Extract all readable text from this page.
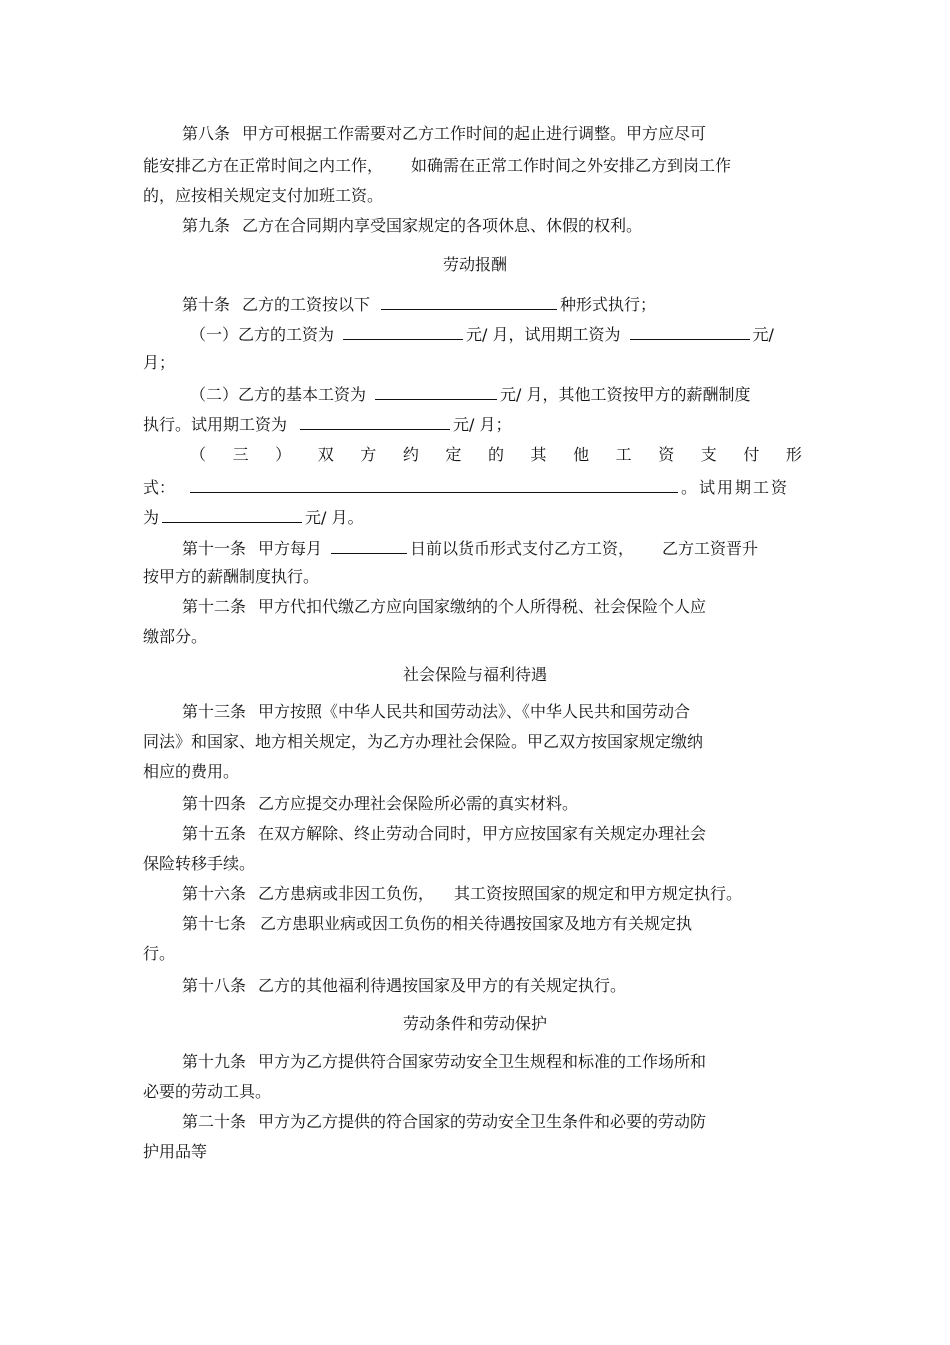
第八条 甲方可根据工作需要对乙方工作时间的起止进行调整。甲方应尽可
能安排乙方在正常时间之内工作， 如确需在正常工作时间之外安排乙方到岗工作
的，应按相关规定支付加班工资。
第九条 乙方在合同期内享受国家规定的各项休息、休假的权利。
劳动报酬
第十条 乙方的工资按以下	种形式执行；
（一）乙方的工资为	元/ 月，试用期工资为	元/
月；
（二）乙方的基本工资为	元/ 月，其他工资按甲方的薪酬制度
执行。试用期工资为	元/ 月；
（ 三 ） 双 方 约 定 的 其 他 工 资 支 付 形
式：	。试用期工资
为	元/ 月。
第十一条 甲方每月	日前以货币形式支付乙方工资， 乙方工资晋升
按甲方的薪酬制度执行。
第十二条 甲方代扣代缴乙方应向国家缴纳的个人所得税、社会保险个人应
缴部分。
社会保险与福利待遇
第十三条 甲方按照《中华人民共和国劳动法》、《中华人民共和国劳动合
同法》和国家、地方相关规定，为乙方办理社会保险。甲乙双方按国家规定缴纳
相应的费用。
第十四条 乙方应提交办理社会保险所必需的真实材料。
第十五条 在双方解除、终止劳动合同时，甲方应按国家有关规定办理社会
保险转移手续。
第十六条 乙方患病或非因工负伤， 其工资按照国家的规定和甲方规定执行。
第十七条 乙方患职业病或因工负伤的相关待遇按国家及地方有关规定执
行。
第十八条 乙方的其他福利待遇按国家及甲方的有关规定执行。
劳动条件和劳动保护
第十九条 甲方为乙方提供符合国家劳动安全卫生规程和标准的工作场所和
必要的劳动工具。
第二十条 甲方为乙方提供的符合国家的劳动安全卫生条件和必要的劳动防
护用品等
